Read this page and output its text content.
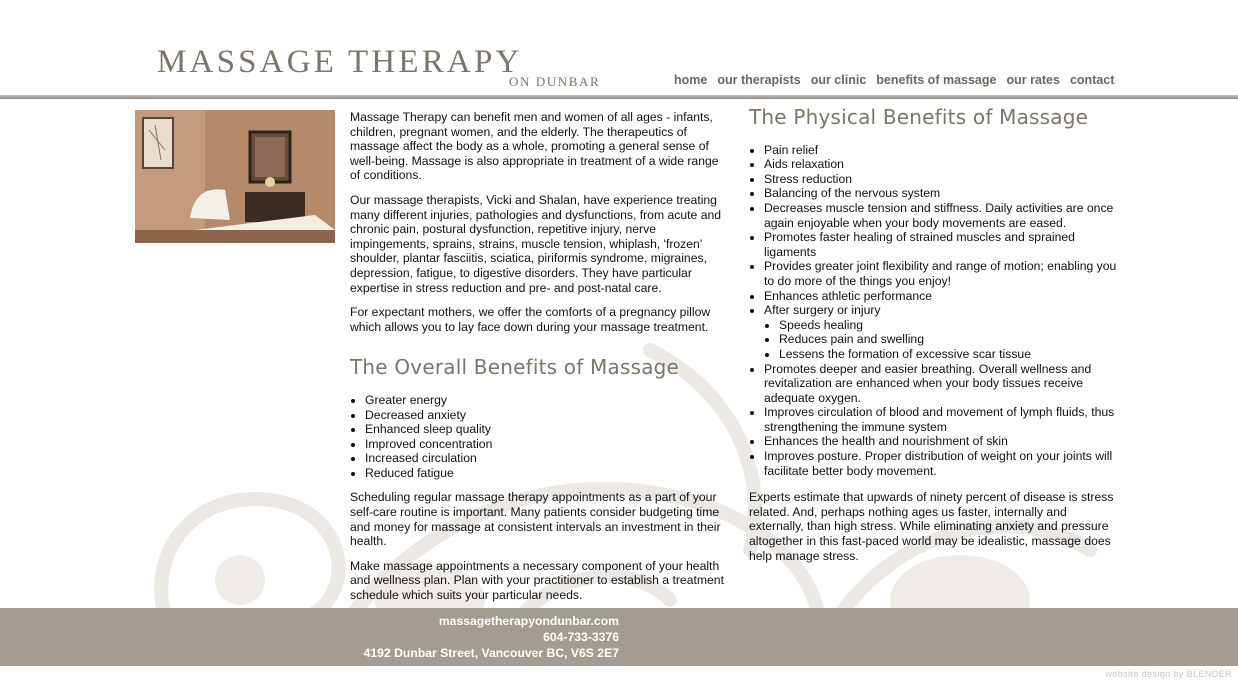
MASSAGE THERAPY
ON DUNBAR	home our therapists our clinic benefits of massage our rates contact

Massage Therapy can benefit men and women of all ages - infants, children, pregnant women, and the elderly. The therapeutics of massage affect the body as a whole, promoting a general sense of well-being. Massage is also appropriate in treatment of a wide range of conditions.

Our massage therapists, Vicki and Shalan, have experience treating many different injuries, pathologies and dysfunctions, from acute and chronic pain, postural dysfunction, repetitive injury, nerve impingements, sprains, strains, muscle tension, whiplash, 'frozen' shoulder, plantar fasciitis, sciatica, piriformis syndrome, migraines, depression, fatigue, to digestive disorders. They have particular expertise in stress reduction and pre- and post-natal care.

For expectant mothers, we offer the comforts of a pregnancy pillow which allows you to lay face down during your massage treatment.

The Overall Benefits of Massage
• Greater energy
• Decreased anxiety
• Enhanced sleep quality
• Improved concentration
• Increased circulation
• Reduced fatigue

Scheduling regular massage therapy appointments as a part of your self-care routine is important. Many patients consider budgeting time and money for massage at consistent intervals an investment in their health.

Make massage appointments a necessary component of your health and wellness plan. Plan with your practitioner to establish a treatment schedule which suits your particular needs.

The Physical Benefits of Massage
• Pain relief
• Aids relaxation
• Stress reduction
• Balancing of the nervous system
• Decreases muscle tension and stiffness. Daily activities are once again enjoyable when your body movements are eased.
• Promotes faster healing of strained muscles and sprained ligaments
• Provides greater joint flexibility and range of motion; enabling you to do more of the things you enjoy!
• Enhances athletic performance
• After surgery or injury
• Speeds healing
• Reduces pain and swelling
• Lessens the formation of excessive scar tissue
• Promotes deeper and easier breathing. Overall wellness and revitalization are enhanced when your body tissues receive adequate oxygen.
• Improves circulation of blood and movement of lymph fluids, thus strengthening the immune system
• Enhances the health and nourishment of skin
• Improves posture. Proper distribution of weight on your joints will facilitate better body movement.

Experts estimate that upwards of ninety percent of disease is stress related. And, perhaps nothing ages us faster, internally and externally, than high stress. While eliminating anxiety and pressure altogether in this fast-paced world may be idealistic, massage does help manage stress.

massagetherapyondunbar.com
604-733-3376
4192 Dunbar Street, Vancouver BC, V6S 2E7
website design by BLENDER
